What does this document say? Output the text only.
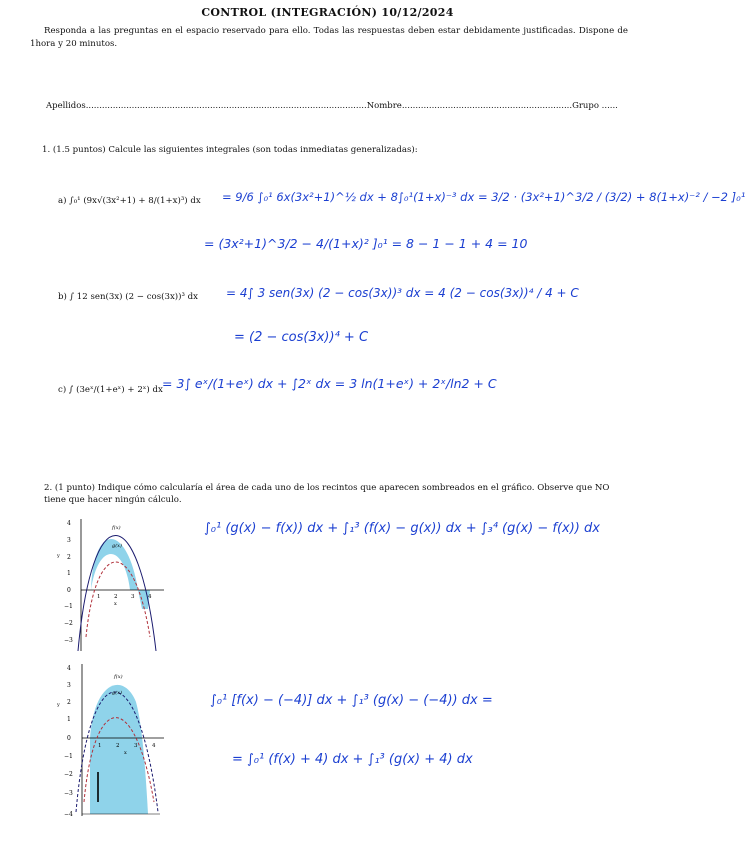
CONTROL (INTEGRACIÓN) 10/12/2024
Responda a las preguntas en el espacio reservado para ello. Todas las respuestas deben estar debidamente justificadas. Dispone de 1hora y 20 minutos.
Apellidos........................................................................................................Nombre...............................................................Grupo ......
1. (1.5 puntos) Calcule las siguientes integrales (son todas inmediatas generalizadas):
a) ∫₀¹ (9x√(3x²+1) + 8/(1+x)³) dx	= 9/6 ∫₀¹ 6x(3x²+1)^½ dx + 8∫₀¹(1+x)⁻³ dx = 3/2 · (3x²+1)^3/2 / (3/2) + 8(1+x)⁻² / −2 ]₀¹
= (3x²+1)^3/2 − 4/(1+x)² ]₀¹ = 8 − 1 − 1 + 4 = 10
b) ∫ 12 sen(3x) (2 − cos(3x))³ dx	= 4∫ 3 sen(3x) (2 − cos(3x))³ dx = 4 (2 − cos(3x))⁴ / 4 + C
= (2 − cos(3x))⁴ + C
c) ∫ (3eˣ/(1+eˣ) + 2ˣ) dx = 3∫ eˣ/(1+eˣ) dx + ∫2ˣ dx = 3 ln(1+eˣ) + 2ˣ/ln2 + C
2. (1 punto) Indique cómo calcularía el área de cada uno de los recintos que aparecen sombreados en el gráfico. Observe que NO tiene que hacer ningún cálculo.
4
3
2
1
0
−1
−2
−3
1 2 3 4
x
y
f(x)
g(x)
∫₀¹ (g(x) − f(x)) dx + ∫₁³ (f(x) − g(x)) dx + ∫₃⁴ (g(x) − f(x)) dx
4
3
2
1
0
−1
−2
−3
−4
1	2	3	4
x
y
f(x)
g(x)	∫₀¹ [f(x) − (−4)] dx + ∫₁³ (g(x) − (−4)) dx =
= ∫₀¹ (f(x) + 4) dx + ∫₁³ (g(x) + 4) dx
